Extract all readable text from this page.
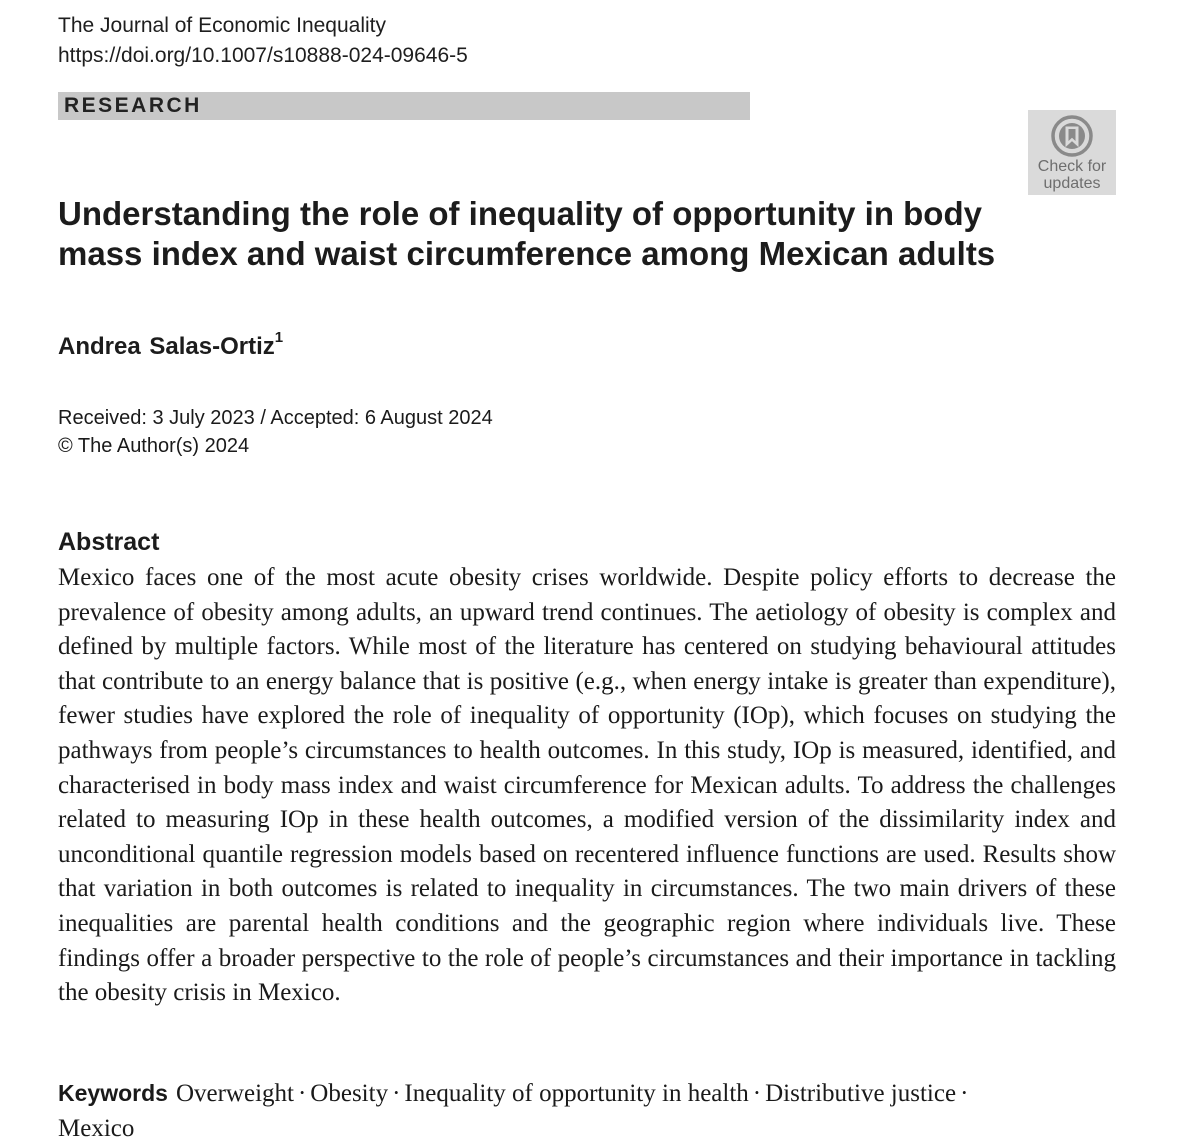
The Journal of Economic Inequality
https://doi.org/10.1007/s10888-024-09646-5
RESEARCH
Check for
updates
Understanding the role of inequality of opportunity in body mass index and waist circumference among Mexican adults
Andrea Salas-Ortiz$^1$
Received: 3 July 2023 / Accepted: 6 August 2024
© The Author(s) 2024
Abstract

Mexico faces one of the most acute obesity crises worldwide. Despite policy efforts to decrease the prevalence of obesity among adults, an upward trend continues. The aetiology of obesity is complex and defined by multiple factors. While most of the literature has centered on studying behavioural attitudes that contribute to an energy balance that is positive (e.g., when energy intake is greater than expenditure), fewer studies have explored the role of inequality of opportunity (IOp), which focuses on studying the pathways from people’s circumstances to health outcomes. In this study, IOp is measured, identified, and characterised in body mass index and waist circumference for Mexican adults. To address the challenges related to measuring IOp in these health outcomes, a modified version of the dissimilarity index and unconditional quantile regression models based on recentered influence functions are used. Results show that variation in both outcomes is related to inequality in circumstances. The two main drivers of these inequalities are parental health conditions and the geographic region where individuals live. These findings offer a broader perspective to the role of people’s circumstances and their importance in tackling the obesity crisis in Mexico.

Keywords Overweight · Obesity · Inequality of opportunity in health · Distributive justice ·
Mexico
